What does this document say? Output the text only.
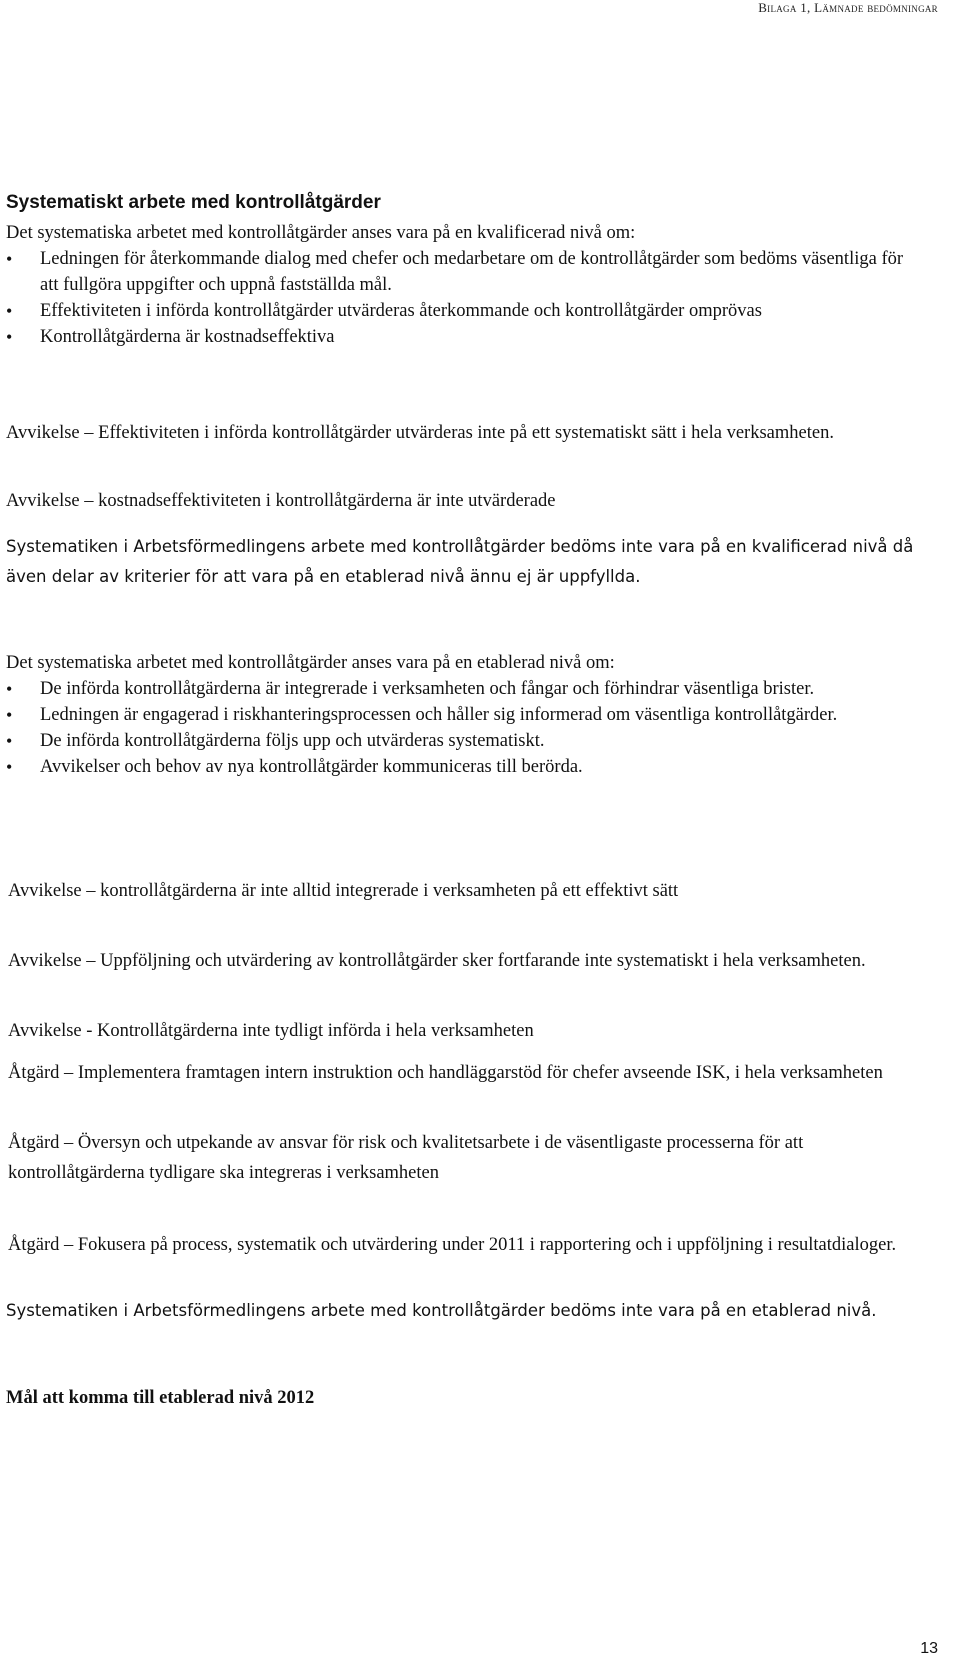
Bilaga 1, Lämnade bedömningar
Systematiskt arbete med kontrollåtgärder

Det systematiska arbetet med kontrollåtgärder anses vara på en kvalificerad nivå om:

• Ledningen för återkommande dialog med chefer och medarbetare om de kontrollåtgärder som bedöms väsentliga för att fullgöra uppgifter och uppnå fastställda mål.
• Effektiviteten i införda kontrollåtgärder utvärderas återkommande och kontrollåtgärder omprövas
• Kontrollåtgärderna är kostnadseffektiva
Avvikelse – Effektiviteten i införda kontrollåtgärder utvärderas inte på ett systematiskt sätt i hela verksamheten.
Avvikelse – kostnadseffektiviteten i kontrollåtgärderna är inte utvärderade
Systematiken i Arbetsförmedlingens arbete med kontrollåtgärder bedöms inte vara på en kvalificerad nivå då även delar av kriterier för att vara på en etablerad nivå ännu ej är uppfyllda.

Det systematiska arbetet med kontrollåtgärder anses vara på en etablerad nivå om:

• De införda kontrollåtgärderna är integrerade i verksamheten och fångar och förhindrar väsentliga brister.
• Ledningen är engagerad i riskhanteringsprocessen och håller sig informerad om väsentliga kontrollåtgärder.
• De införda kontrollåtgärderna följs upp och utvärderas systematiskt.
• Avvikelser och behov av nya kontrollåtgärder kommuniceras till berörda.
Avvikelse – kontrollåtgärderna är inte alltid integrerade i verksamheten på ett effektivt sätt
Avvikelse – Uppföljning och utvärdering av kontrollåtgärder sker fortfarande inte systematiskt i hela verksamheten.
Avvikelse - Kontrollåtgärderna inte tydligt införda i hela verksamheten
Åtgärd – Implementera framtagen intern instruktion och handläggarstöd för chefer avseende ISK, i hela verksamheten
Åtgärd – Översyn och utpekande av ansvar för risk och kvalitetsarbete i de väsentligaste processerna för att kontrollåtgärderna tydligare ska integreras i verksamheten
Åtgärd – Fokusera på process, systematik och utvärdering under 2011 i rapportering och i uppföljning i resultatdialoger.
Systematiken i Arbetsförmedlingens arbete med kontrollåtgärder bedöms inte vara på en etablerad nivå.
Mål att komma till etablerad nivå 2012
13
